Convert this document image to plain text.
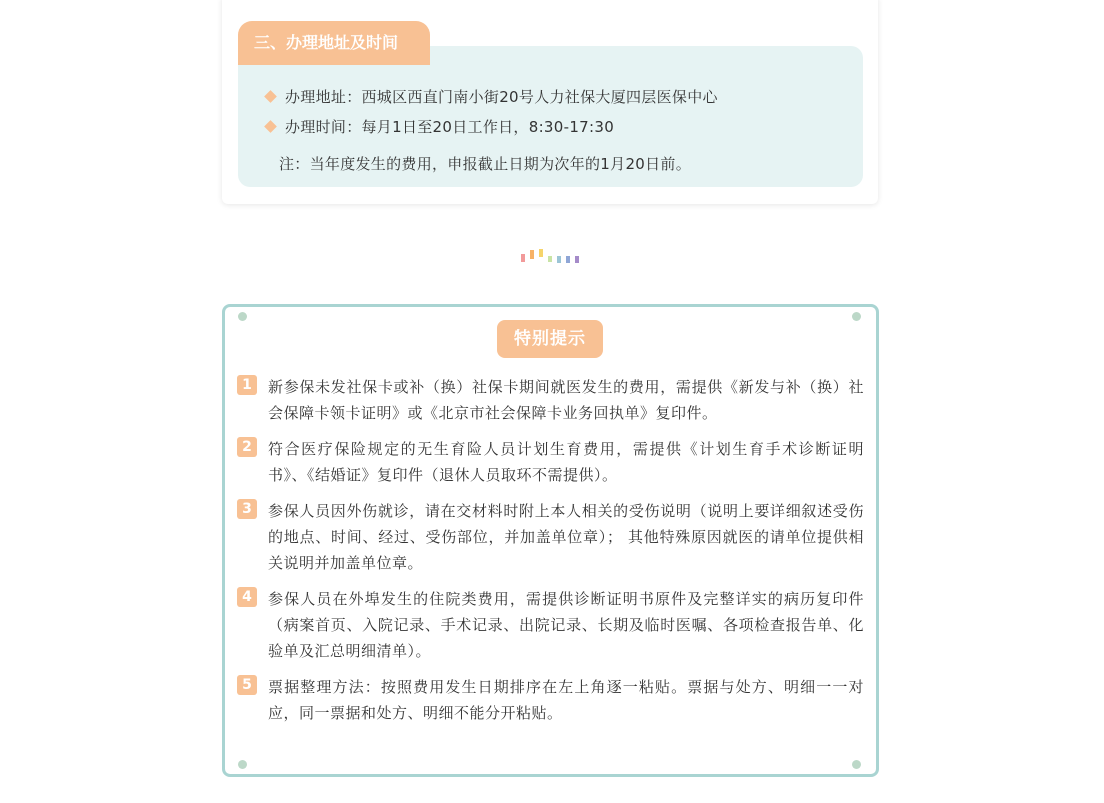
三、办理地址及时间
办理地址：西城区西直门南小街20号人力社保大厦四层医保中心
办理时间：每月1日至20日工作日，8:30-17:30
注：当年度发生的费用，申报截止日期为次年的1月20日前。
特别提示
1	新参保未发社保卡或补（换）社保卡期间就医发生的费用，需提供《新发与补（换）社会保障卡领卡证明》或《北京市社会保障卡业务回执单》复印件。
2	符合医疗保险规定的无生育险人员计划生育费用，需提供《计划生育手术诊断证明书》、《结婚证》复印件（退休人员取环不需提供）。
3	参保人员因外伤就诊，请在交材料时附上本人相关的受伤说明（说明上要详细叙述受伤的地点、时间、经过、受伤部位，并加盖单位章）； 其他特殊原因就医的请单位提供相关说明并加盖单位章。
4	参保人员在外埠发生的住院类费用，需提供诊断证明书原件及完整详实的病历复印件（病案首页、入院记录、手术记录、出院记录、长期及临时医嘱、各项检查报告单、化验单及汇总明细清单）。
5	票据整理方法：按照费用发生日期排序在左上角逐一粘贴。票据与处方、明细一一对应，同一票据和处方、明细不能分开粘贴。
